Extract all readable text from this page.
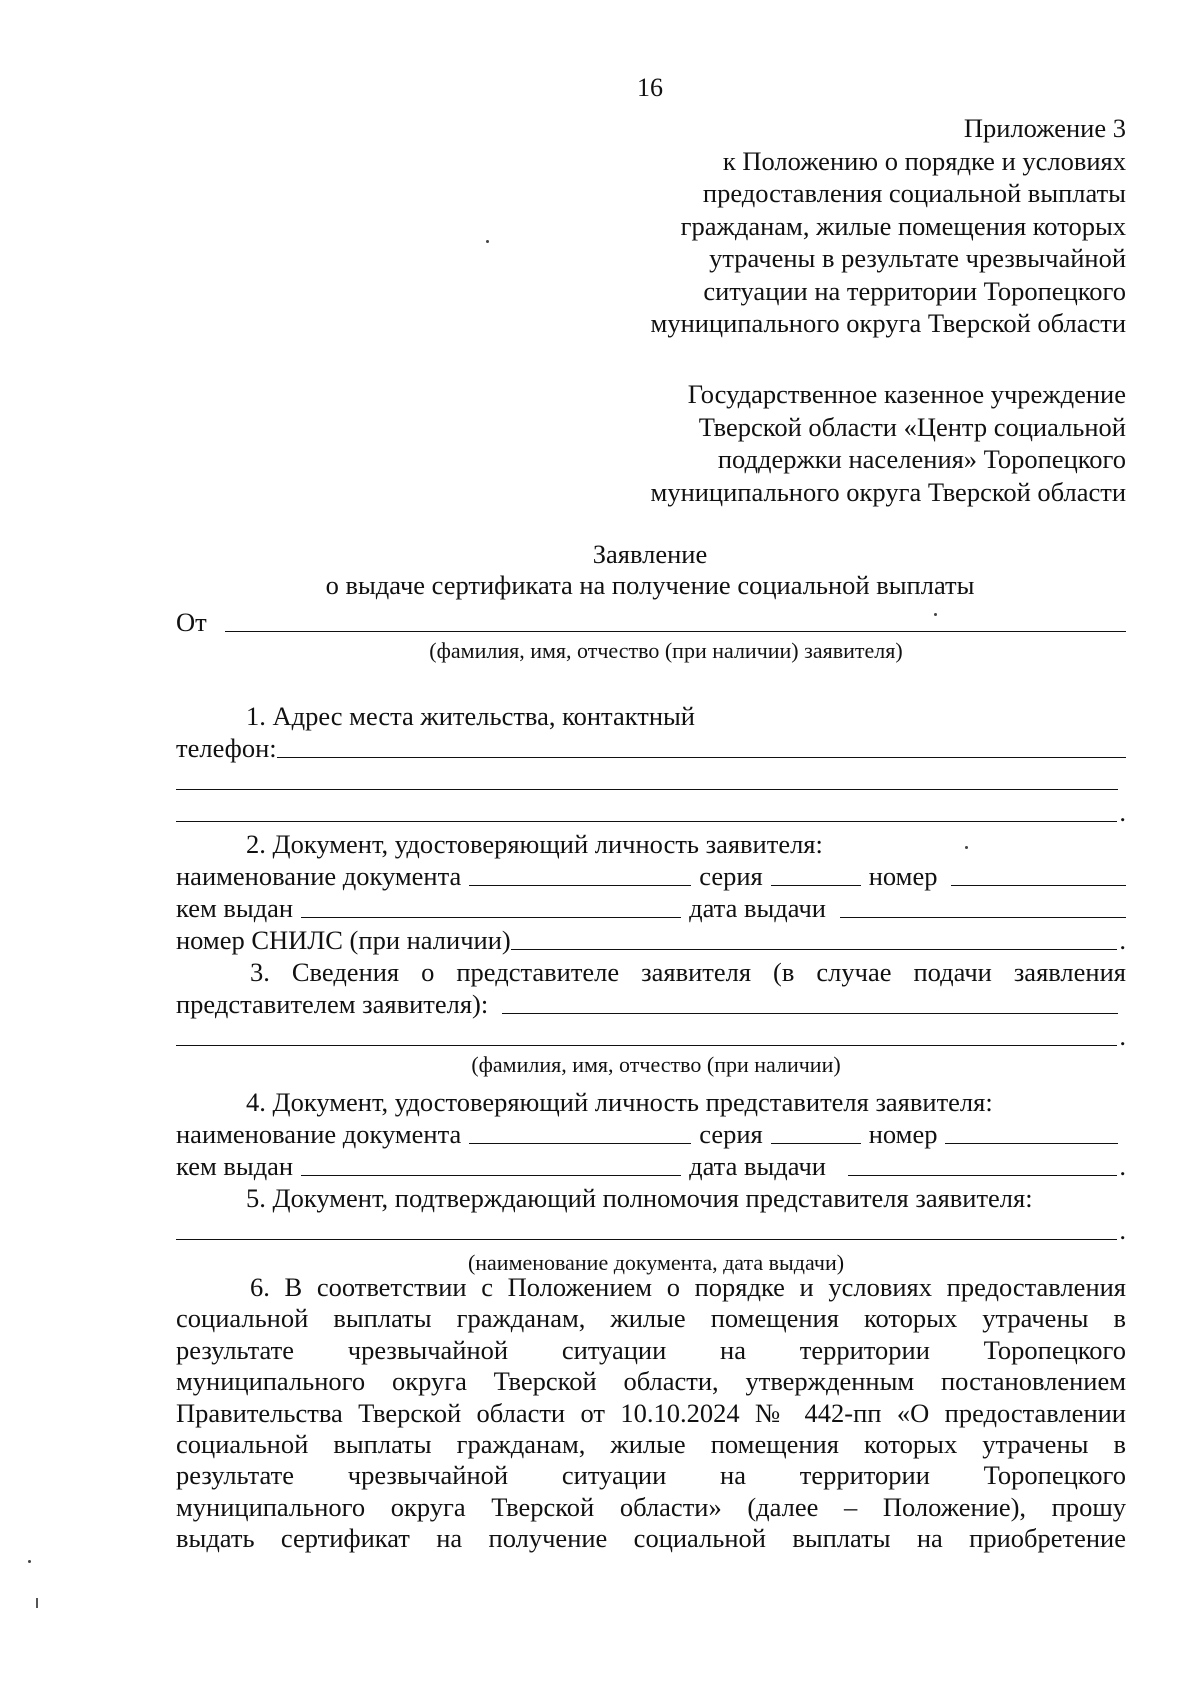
16
Приложение 3
к Положению о порядке и условиях
предоставления социальной выплаты
гражданам, жилые помещения которых
утрачены в результате чрезвычайной
ситуации на территории Торопецкого
муниципального округа Тверской области
Государственное казенное учреждение
Тверской области «Центр социальной
поддержки населения» Торопецкого
муниципального округа Тверской области
Заявление
о выдаче сертификата на получение социальной выплаты
От
(фамилия, имя, отчество (при наличии) заявителя)
1. Адрес места жительства, контактный
телефон:
.
2. Документ, удостоверяющий личность заявителя:
наименование документа	серия	номер
кем выдан	дата выдачи
номер СНИЛС (при наличии)	.
3. Сведения о представителе заявителя (в случае подачи заявления
представителем заявителя):
.
(фамилия, имя, отчество (при наличии)
4. Документ, удостоверяющий личность представителя заявителя:
наименование документа	серия	номер
кем выдан	дата выдачи	.
5. Документ, подтверждающий полномочия представителя заявителя:
.
(наименование документа, дата выдачи)
6. В соответствии с Положением о порядке и условиях предоставления
социальной выплаты гражданам, жилые помещения которых утрачены в
результате чрезвычайной ситуации на территории Торопецкого
муниципального округа Тверской области, утвержденным постановлением
Правительства Тверской области от 10.10.2024 № 442-пп «О предоставлении
социальной выплаты гражданам, жилые помещения которых утрачены в
результате чрезвычайной ситуации на территории Торопецкого
муниципального округа Тверской области» (далее – Положение), прошу
выдать сертификат на получение социальной выплаты на приобретение
